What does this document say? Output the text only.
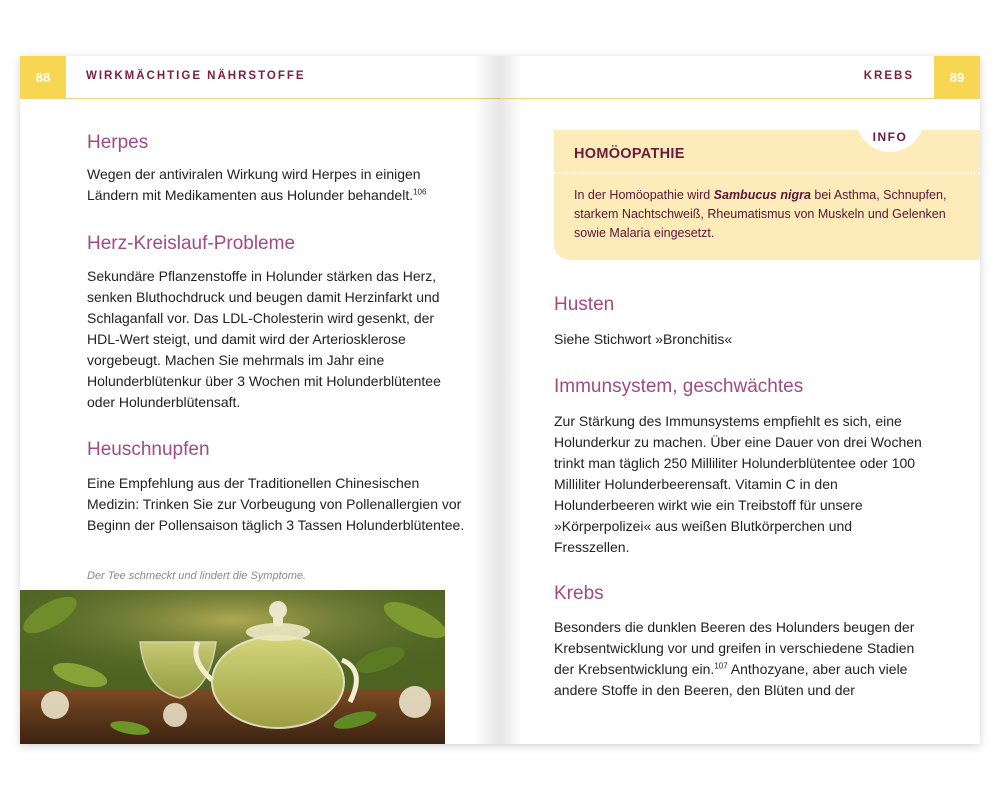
88	WIRKMÄCHTIGE NÄHRSTOFFE
Herpes

Wegen der antiviralen Wirkung wird Herpes in einigen Ländern mit Medikamenten aus Holunder behandelt.$^{106}$

Herz-Kreislauf-Probleme

Sekundäre Pflanzenstoffe in Holunder stärken das Herz, senken Bluthochdruck und beugen damit Herzinfarkt und Schlaganfall vor. Das LDL-Cholesterin wird gesenkt, der HDL-Wert steigt, und damit wird der Arteriosklerose vorgebeugt. Machen Sie mehrmals im Jahr eine Holunderblütenkur über 3 Wochen mit Holunderblütentee oder Holunderblütensaft.

Heuschnupfen

Eine Empfehlung aus der Traditionellen Chinesischen Medizin: Trinken Sie zur Vorbeugung von Pollenallergien vor Beginn der Pollensaison täglich 3 Tassen Holunderblütentee.

Der Tee schmeckt und lindert die Symptome.
KREBS	89
INFO
HOMÖOPATHIE

In der Homöopathie wird Sambucus nigra bei Asthma, Schnupfen, starkem Nachtschweiß, Rheumatismus von Muskeln und Gelenken sowie Malaria eingesetzt.

Husten

Siehe Stichwort »Bronchitis«

Immunsystem, geschwächtes

Zur Stärkung des Immunsystems empfiehlt es sich, eine Holunderkur zu machen. Über eine Dauer von drei Wochen trinkt man täglich 250 Milliliter Holunderblütentee oder 100 Milliliter Holunderbeerensaft. Vitamin C in den Holunderbeeren wirkt wie ein Treibstoff für unsere »Körperpolizei« aus weißen Blutkörperchen und Fresszellen.

Krebs

Besonders die dunklen Beeren des Holunders beugen der Krebsentwicklung vor und greifen in verschiedene Stadien der Krebsentwicklung ein.$^{107}$ Anthozyane, aber auch viele andere Stoffe in den Beeren, den Blüten und der
